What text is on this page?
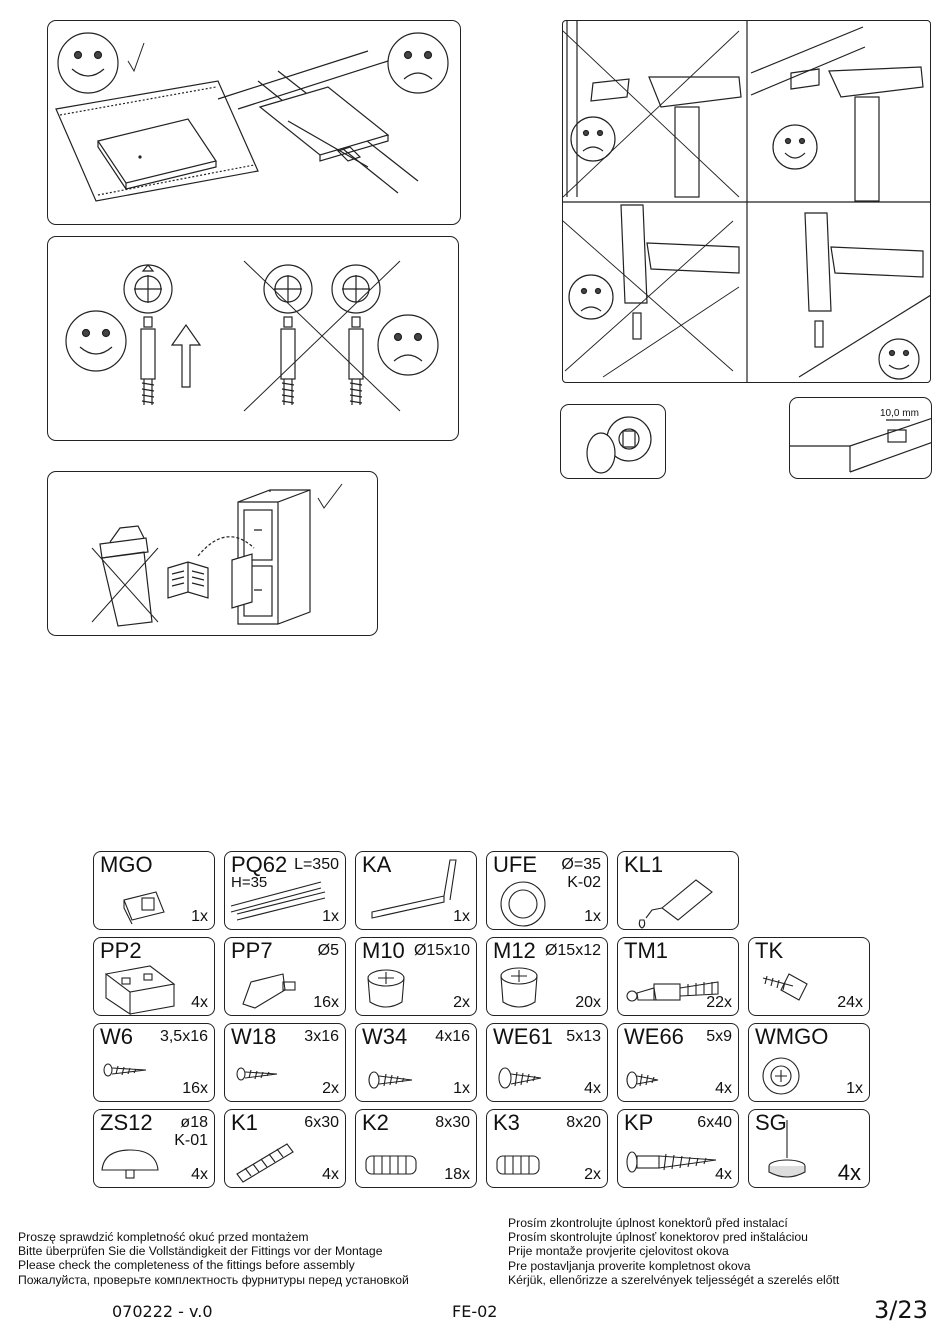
10,0 mm
MGO
1x
PQ62 L=350
H=35
1x
KA
1x
UFE Ø=35
K-02
1x
KL1
PP2
4x
PP7	Ø5
16x
M10 Ø15x10
2x
M12 Ø15x12
20x
TM1
22x
TK
24x
W6 3,5x16
16x
W18 3x16
2x
W34 4x16
1x
WE61 5x13
4x
WE66 5x9
4x
WMGO
1x
ZS12 ø18
K-01
4x
K1	6x30
4x
K2	8x30
18x
K3	8x20
2x
KP	6x40
4x
SG
4x
Proszę sprawdzić kompletność okuć przed montażem
Bitte überprüfen Sie die Vollständigkeit der Fittings vor der Montage
Please check the completeness of the fittings before assembly
Пожалуйста, проверьте комплектность фурнитуры перед установкой
Prosím zkontrolujte úplnost konektorů před instalací
Prosím skontrolujte úplnosť konektorov pred inštaláciou
Prije montaže provjerite cjelovitost okova
Pre postavljanja proverite kompletnost okova
Kérjük, ellenőrizze a szerelvények teljességét a szerelés előtt
070222 - v.0	FE-02	3/23
